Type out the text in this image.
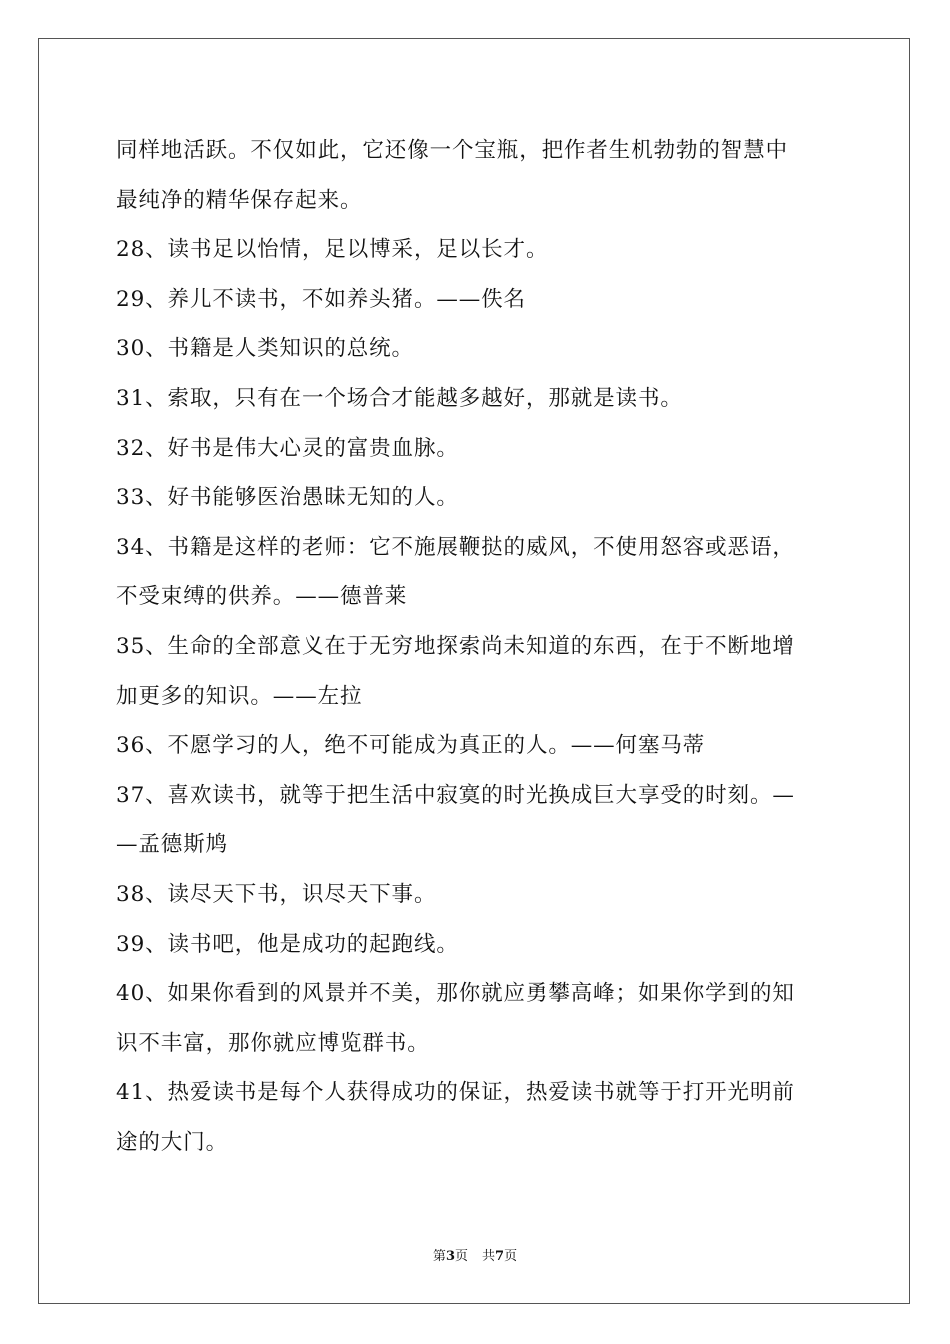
同样地活跃。不仅如此，它还像一个宝瓶，把作者生机勃勃的智慧中
最纯净的精华保存起来。
28、读书足以怡情，足以博采，足以长才。
29、养儿不读书，不如养头猪。——佚名
30、书籍是人类知识的总统。
31、索取，只有在一个场合才能越多越好，那就是读书。
32、好书是伟大心灵的富贵血脉。
33、好书能够医治愚昧无知的人。
34、书籍是这样的老师：它不施展鞭挞的威风，不使用怒容或恶语，
不受束缚的供养。——德普莱
35、生命的全部意义在于无穷地探索尚未知道的东西，在于不断地增
加更多的知识。——左拉
36、不愿学习的人，绝不可能成为真正的人。——何塞马蒂
37、喜欢读书，就等于把生活中寂寞的时光换成巨大享受的时刻。—
—孟德斯鸠
38、读尽天下书，识尽天下事。
39、读书吧，他是成功的起跑线。
40、如果你看到的风景并不美，那你就应勇攀高峰；如果你学到的知
识不丰富，那你就应博览群书。
41、热爱读书是每个人获得成功的保证，热爱读书就等于打开光明前
途的大门。
第3页 共7页
